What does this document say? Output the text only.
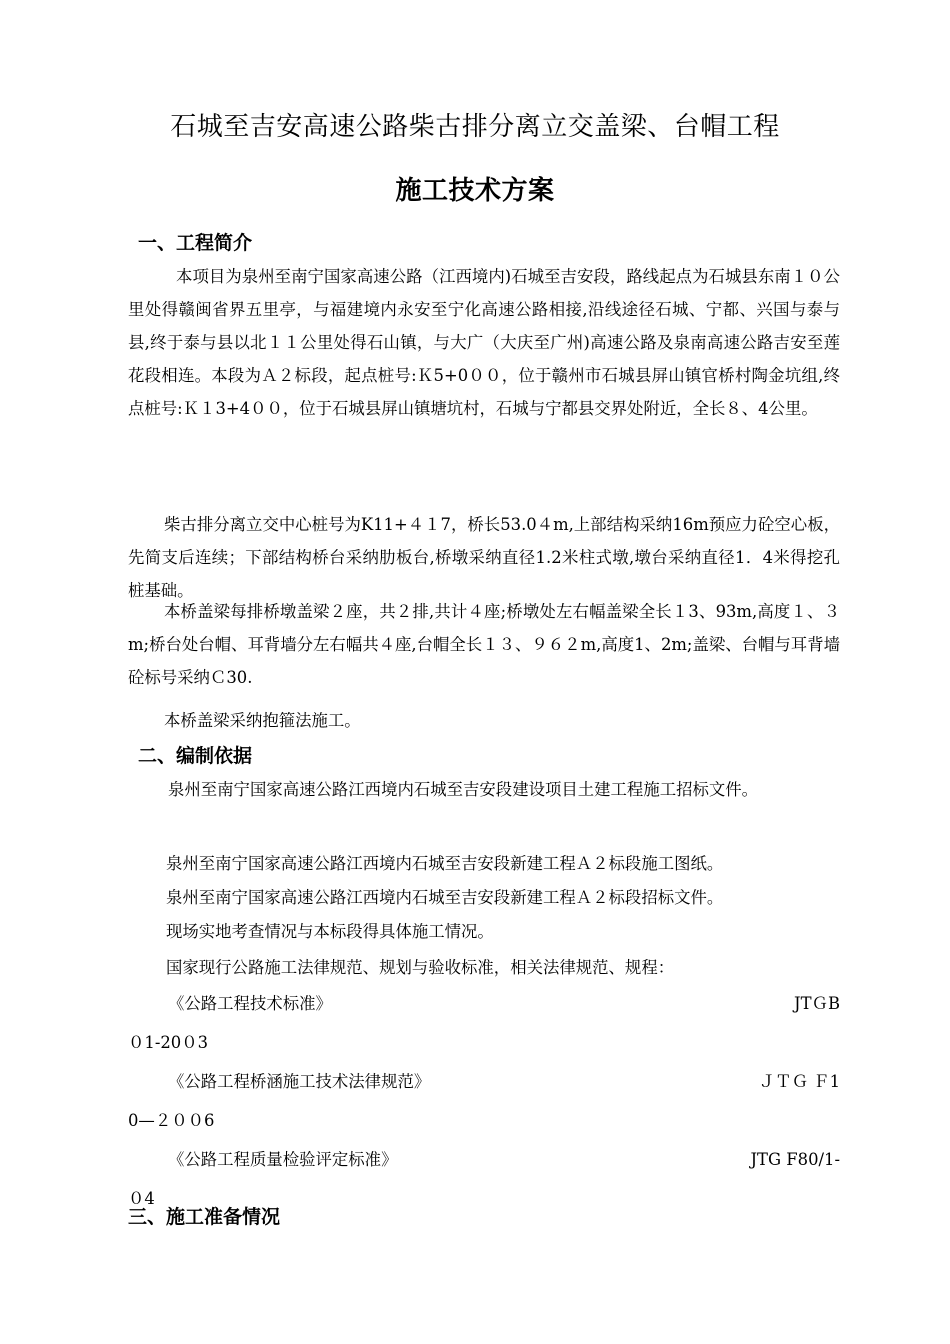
石城至吉安高速公路柴古排分离立交盖梁、台帽工程
施工技术方案
一、工程简介
本项目为泉州至南宁国家高速公路（江西境内)石城至吉安段，路线起点为石城县东南１０公里处得赣闽省界五里亭，与福建境内永安至宁化高速公路相接,沿线途径石城、宁都、兴国与泰与县,终于泰与县以北１１公里处得石山镇，与大广（大庆至广州)高速公路及泉南高速公路吉安至莲花段相连。本段为Ａ２标段，起点桩号:Ｋ5+0００，位于赣州市石城县屏山镇官桥村陶金坑组,终点桩号:Ｋ１3+4００，位于石城县屏山镇塘坑村，石城与宁都县交界处附近，全长８、4公里。
柴古排分离立交中心桩号为K11+４１7，桥长53.0４m,上部结构采纳16m预应力砼空心板，先简支后连续；下部结构桥台采纳肋板台,桥墩采纳直径1.2米柱式墩,墩台采纳直径1．4米得挖孔桩基础。
本桥盖梁每排桥墩盖梁２座，共２排,共计４座;桥墩处左右幅盖梁全长１3、93m,高度１、３m;桥台处台帽、耳背墙分左右幅共４座,台帽全长１３、９６２m,高度1、2m;盖梁、台帽与耳背墙砼标号采纳Ｃ30.
本桥盖梁采纳抱箍法施工。
二、编制依据
泉州至南宁国家高速公路江西境内石城至吉安段建设项目土建工程施工招标文件。
泉州至南宁国家高速公路江西境内石城至吉安段新建工程Ａ２标段施工图纸。
泉州至南宁国家高速公路江西境内石城至吉安段新建工程Ａ２标段招标文件。
现场实地考查情况与本标段得具体施工情况。
国家现行公路施工法律规范、规划与验收标准，相关法律规范、规程：
《公路工程技术标准》	JTＧB
０1-20０3
《公路工程桥涵施工技术法律规范》	ＪＴＧ Ｆ1
0—２００6
《公路工程质量检验评定标准》	JTG F80/1-
０4
三、施工准备情况
